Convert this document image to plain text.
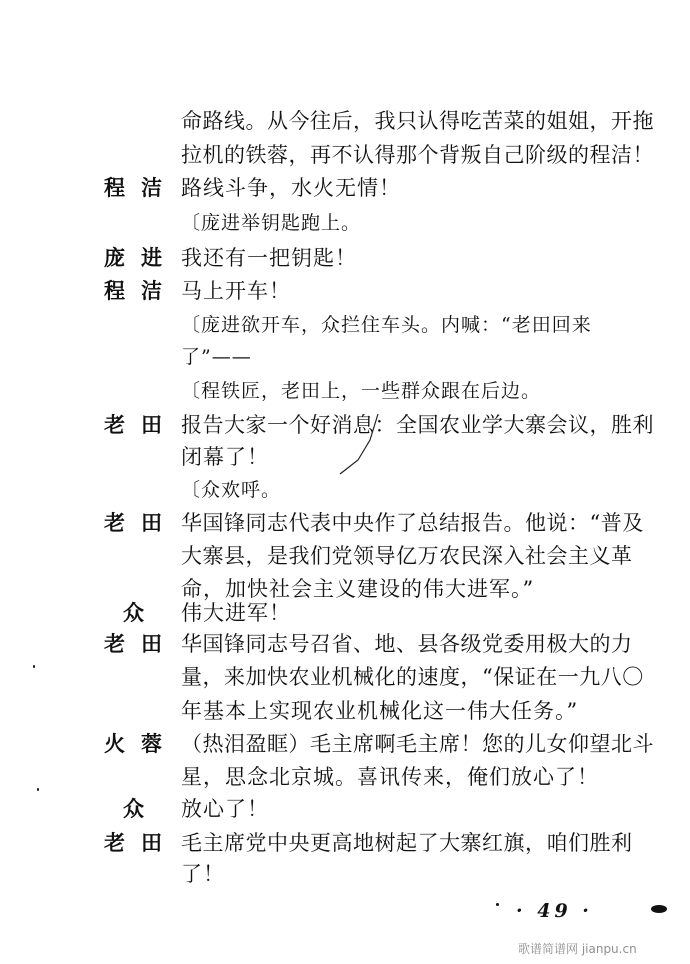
命路线。从今往后，我只认得吃苦菜的姐姐，开拖
拉机的铁蓉，再不认得那个背叛自己阶级的程洁！
程洁 路线斗争，水火无情！
〔庞进举钥匙跑上。
庞进 我还有一把钥匙！
程洁 马上开车！
〔庞进欲开车，众拦住车头。内喊：“老田回来
了”——
〔程铁匠，老田上，一些群众跟在后边。
老田 报告大家一个好消息：全国农业学大寨会议，胜利
闭幕了！
〔众欢呼。
老田 华国锋同志代表中央作了总结报告。他说：“普及
大寨县，是我们党领导亿万农民深入社会主义革
命，加快社会主义建设的伟大进军。”
众 伟大进军！
老田 华国锋同志号召省、地、县各级党委用极大的力
量，来加快农业机械化的速度，“保证在一九八〇
年基本上实现农业机械化这一伟大任务。”
火蓉 （热泪盈眶）毛主席啊毛主席！您的儿女仰望北斗
星，思念北京城。喜讯传来，俺们放心了！
众 放心了！
老田 毛主席党中央更高地树起了大寨红旗，咱们胜利
了！
· 49 ·
歌谱简谱网 jianpu.cn
